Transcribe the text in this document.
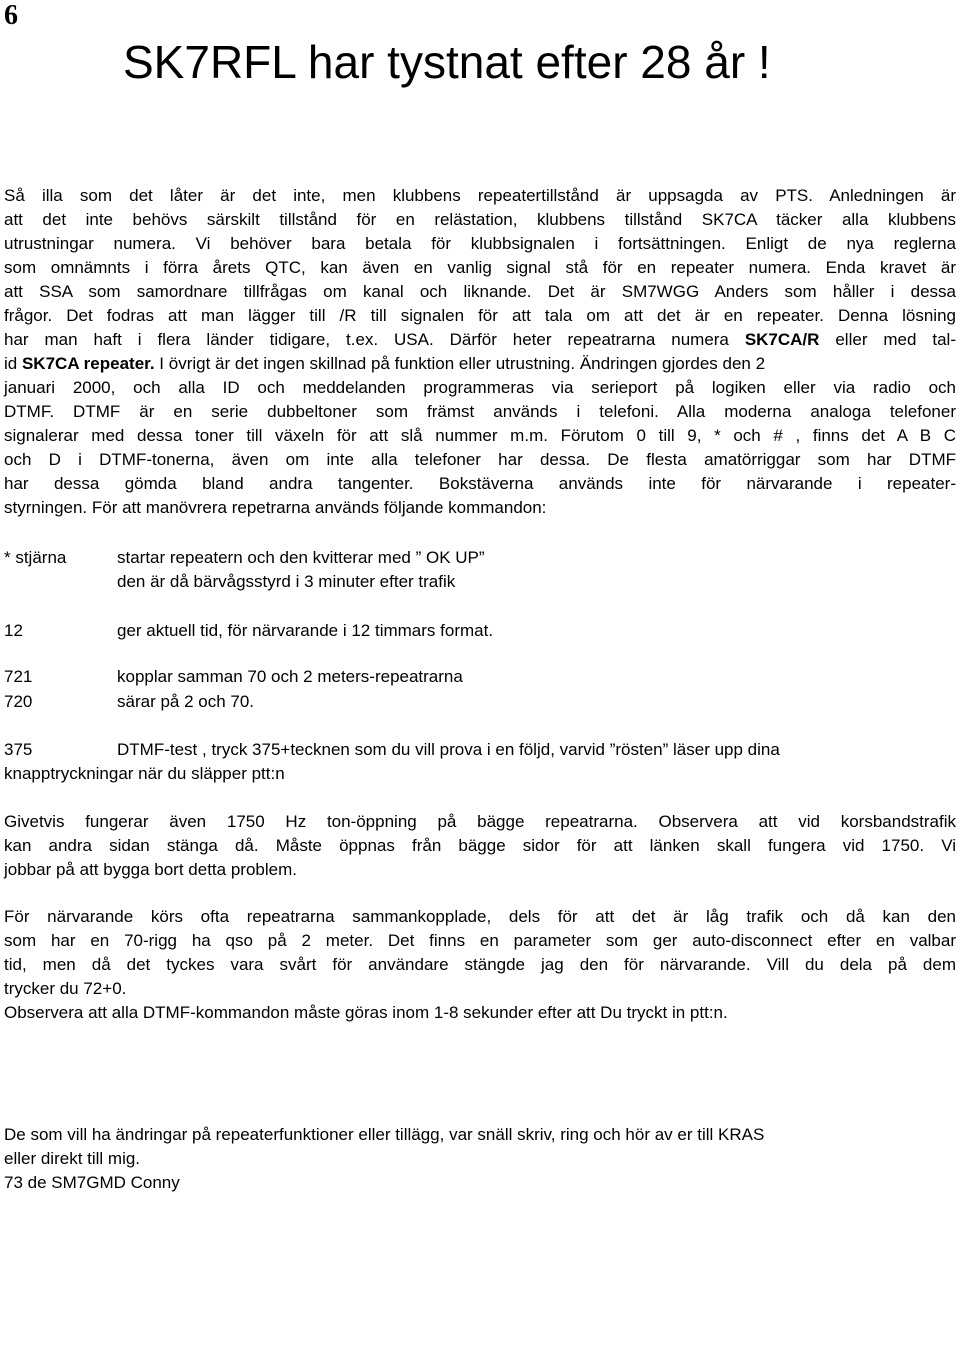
6
SK7RFL har tystnat efter 28 år !
Så illa som det låter är det inte, men klubbens repeatertillstånd är uppsagda av PTS. Anledningen är
att det inte behövs särskilt tillstånd för en relästation, klubbens tillstånd SK7CA täcker alla klubbens
utrustningar numera. Vi behöver bara betala för klubbsignalen i fortsättningen. Enligt de nya reglerna
som omnämnts i förra årets QTC, kan även en vanlig signal stå för en repeater numera. Enda kravet är
att SSA som samordnare tillfrågas om kanal och liknande. Det är SM7WGG Anders som håller i dessa
frågor. Det fodras att man lägger till /R till signalen för att tala om att det är en repeater. Denna lösning
har man haft i flera länder tidigare, t.ex. USA. Därför heter repeatrarna numera SK7CA/R eller med tal-
id SK7CA repeater. I övrigt är det ingen skillnad på funktion eller utrustning. Ändringen gjordes den 2
januari 2000, och alla ID och meddelanden programmeras via serieport på logiken eller via radio och
DTMF. DTMF är en serie dubbeltoner som främst används i telefoni. Alla moderna analoga telefoner
signalerar med dessa toner till växeln för att slå nummer m.m. Förutom 0 till 9, * och # , finns det A B C
och D i DTMF-tonerna, även om inte alla telefoner har dessa. De flesta amatörriggar som har DTMF
har dessa gömda bland andra tangenter. Bokstäverna används inte för närvarande i repeater-
styrningen. För att manövrera repetrarna används följande kommandon:
* stjärna	startar repeatern och den kvitterar med ” OK UP”
den är då bärvågsstyrd i 3 minuter efter trafik
12	ger aktuell tid, för närvarande i 12 timmars format.
721	kopplar samman 70 och 2 meters-repeatrarna
720	särar på 2 och 70.
375	DTMF-test , tryck 375+tecknen som du vill prova i en följd, varvid ”rösten” läser upp dina
knapptryckningar när du släpper ptt:n
Givetvis fungerar även 1750 Hz ton-öppning på bägge repeatrarna. Observera att vid korsbandstrafik
kan andra sidan stänga då. Måste öppnas från bägge sidor för att länken skall fungera vid 1750. Vi
jobbar på att bygga bort detta problem.
För närvarande körs ofta repeatrarna sammankopplade, dels för att det är låg trafik och då kan den
som har en 70-rigg ha qso på 2 meter. Det finns en parameter som ger auto-disconnect efter en valbar
tid, men då det tyckes vara svårt för användare stängde jag den för närvarande. Vill du dela på dem
trycker du 72+0.
Observera att alla DTMF-kommandon måste göras inom 1-8 sekunder efter att Du tryckt in ptt:n.
De som vill ha ändringar på repeaterfunktioner eller tillägg, var snäll skriv, ring och hör av er till KRAS
eller direkt till mig.
73 de SM7GMD Conny
